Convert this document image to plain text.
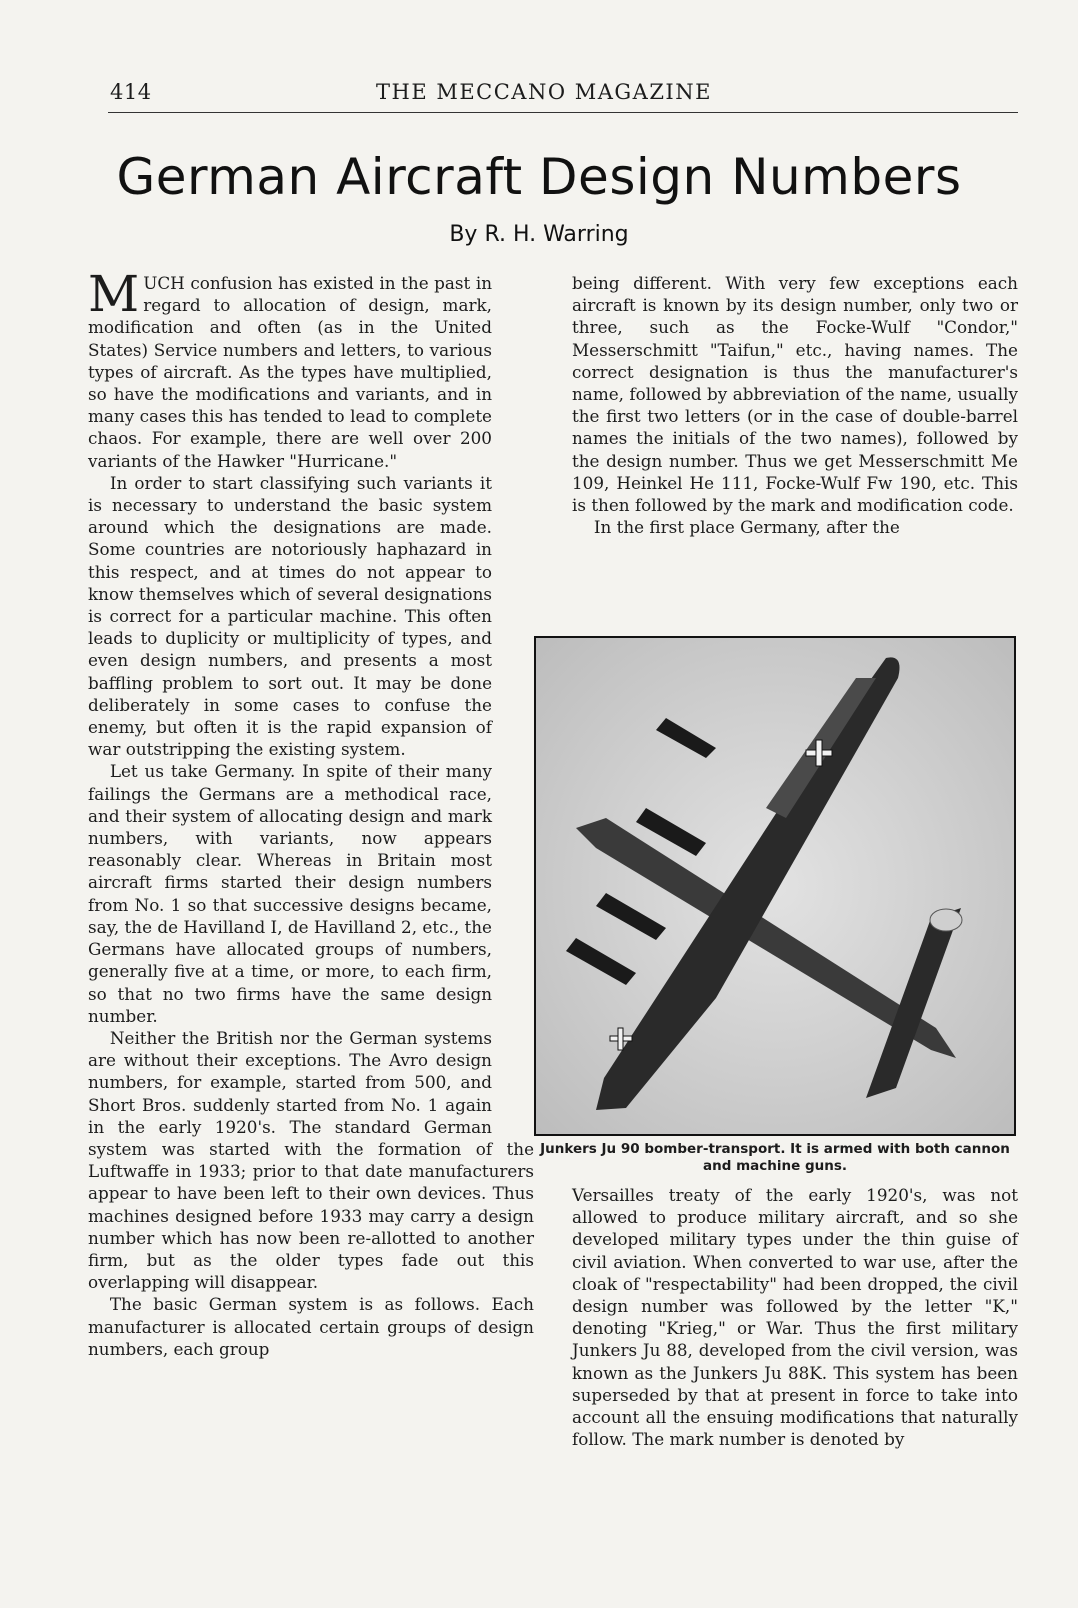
414	THE MECCANO MAGAZINE
German Aircraft Design Numbers
By R. H. Warring

MUCH confusion has existed in the past in regard to allocation of design, mark, modification and often (as in the United States) Service numbers and letters, to various types of aircraft. As the types have multiplied, so have the modifications and variants, and in many cases this has tended to lead to complete chaos. For example, there are well over 200 variants of the Hawker "Hurricane."

In order to start classifying such variants it is necessary to understand the basic system around which the designations are made. Some countries are notoriously haphazard in this respect, and at times do not appear to know themselves which of several designations is correct for a particular machine. This often leads to duplicity or multiplicity of types, and even design numbers, and presents a most baffling problem to sort out. It may be done deliberately in some cases to confuse the enemy, but often it is the rapid expansion of war outstripping the existing system.

Let us take Germany. In spite of their many failings the Germans are a methodical race, and their system of allocating design and mark numbers, with variants, now appears reasonably clear. Whereas in Britain most aircraft firms started their design numbers from No. 1 so that successive designs became, say, the de Havilland I, de Havilland 2, etc., the Germans have allocated groups of numbers, generally five at a time, or more, to each firm, so that no two firms have the same design number.

Neither the British nor the German systems are without their exceptions. The Avro design numbers, for example, started from 500, and Short Bros. suddenly started from No. 1 again in the early 1920's. The standard German system was started with the formation of the Luftwaffe in 1933; prior to that date manufacturers appear to have been left to their own devices. Thus machines designed before 1933 may carry a design number which has now been re-allotted to another firm, but as the older types fade out this overlapping will disappear.

The basic German system is as follows. Each manufacturer is allocated certain groups of design numbers, each group

being different. With very few exceptions each aircraft is known by its design number, only two or three, such as the Focke-Wulf "Condor," Messerschmitt "Taifun," etc., having names. The correct designation is thus the manufacturer's name, followed by abbreviation of the name, usually the first two letters (or in the case of double-barrel names the initials of the two names), followed by the design number. Thus we get Messerschmitt Me 109, Heinkel He 111, Focke-Wulf Fw 190, etc. This is then followed by the mark and modification code.

In the first place Germany, after the

Junkers Ju 90 bomber-transport. It is armed with both cannon and machine guns.

Versailles treaty of the early 1920's, was not allowed to produce military aircraft, and so she developed military types under the thin guise of civil aviation. When converted to war use, after the cloak of "respectability" had been dropped, the civil design number was followed by the letter "K," denoting "Krieg," or War. Thus the first military Junkers Ju 88, developed from the civil version, was known as the Junkers Ju 88K. This system has been superseded by that at present in force to take into account all the ensuing modifications that naturally follow. The mark number is denoted by
